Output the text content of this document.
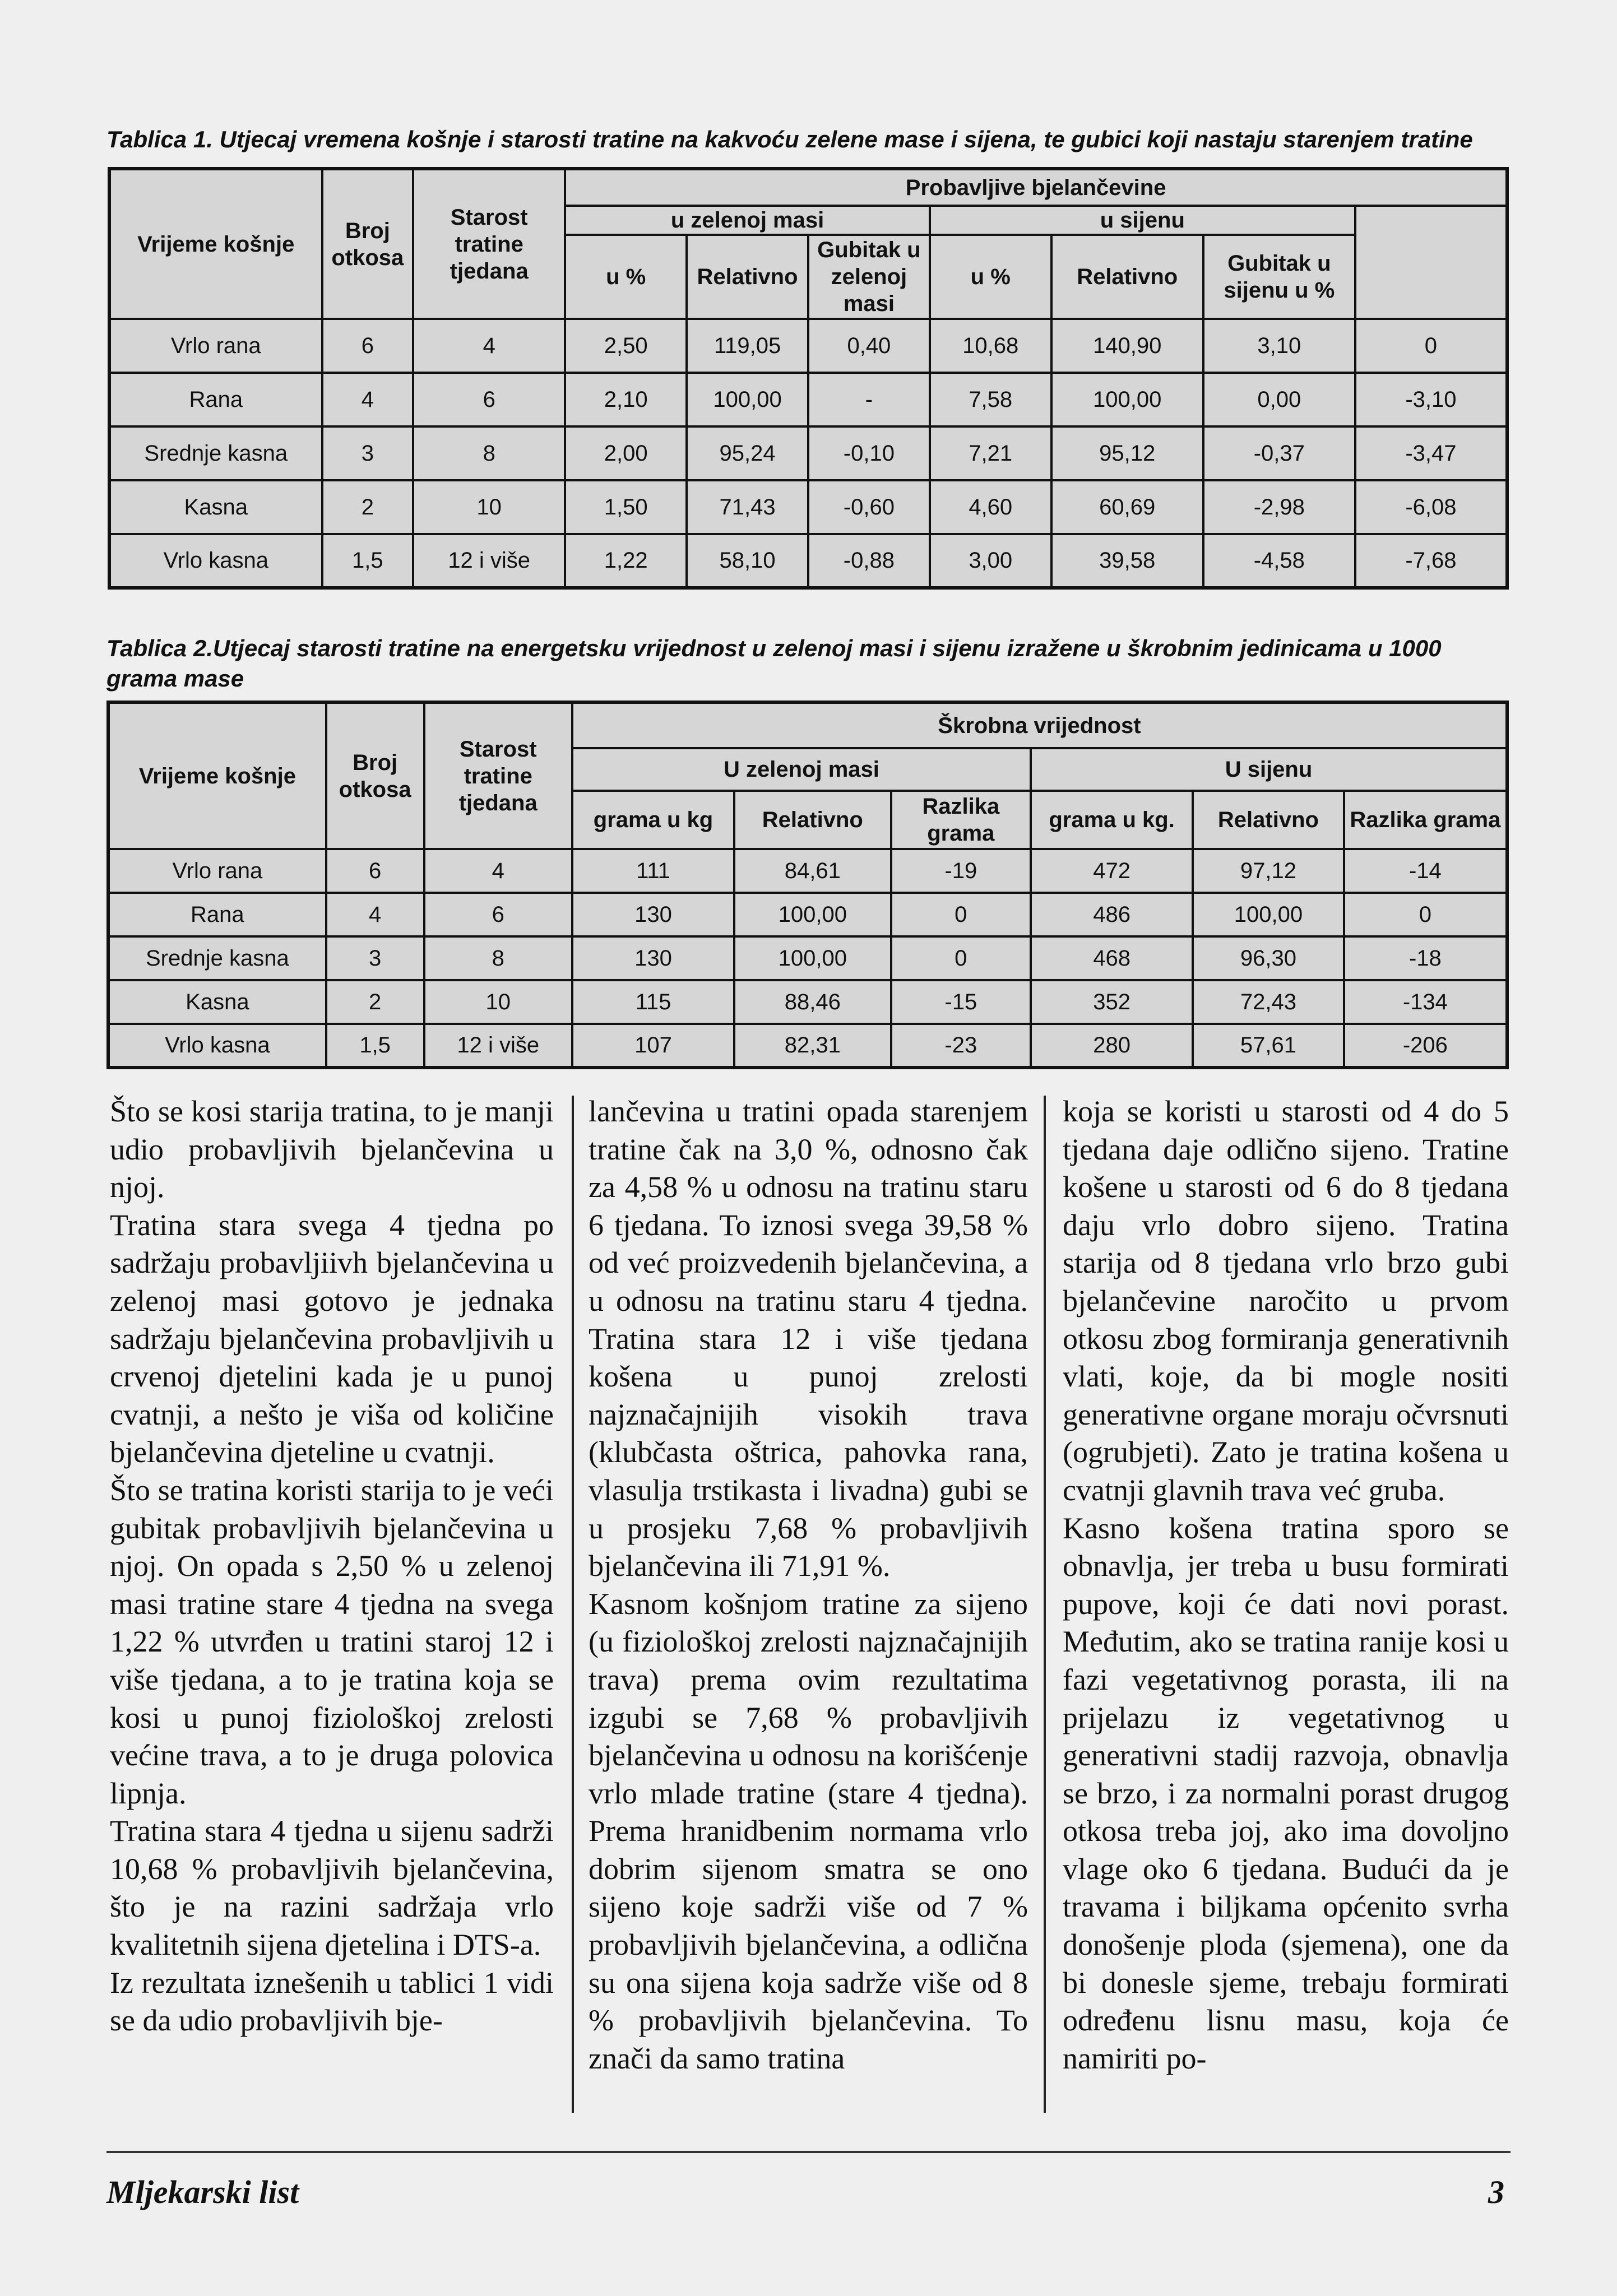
Tablica 1. Utjecaj vremena košnje i starosti tratine na kakvoću zelene mase i sijena, te gubici koji nastaju starenjem tratine
Vrijeme košnje	Broj otkosa	Starost tratine tjedana	Probavljive bjelančevine						
			u zelenoj masi			u sijenu			
			u %	Relativno	Gubitak u zelenoj masi	u %	Relativno	Gubitak u sijenu u %	
Vrlo rana	6	4	2,50	119,05	0,40	10,68	140,90	3,10	0
Rana	4	6	2,10	100,00	-	7,58	100,00	0,00	-3,10
Srednje kasna	3	8	2,00	95,24	-0,10	7,21	95,12	-0,37	-3,47
Kasna	2	10	1,50	71,43	-0,60	4,60	60,69	-2,98	-6,08
Vrlo kasna	1,5	12 i više	1,22	58,10	-0,88	3,00	39,58	-4,58	-7,68
Tablica 2.Utjecaj starosti tratine na energetsku vrijednost u zelenoj masi i sijenu izražene u škrobnim jedinicama u 1000 grama mase
Vrijeme košnje	Broj otkosa	Starost tratine tjedana	Škrobna vrijednost					
			U zelenoj masi			U sijenu		
			grama u kg	Relativno	Razlika grama	grama u kg.	Relativno	Razlika grama
Vrlo rana	6	4	111	84,61	-19	472	97,12	-14
Rana	4	6	130	100,00	0	486	100,00	0
Srednje kasna	3	8	130	100,00	0	468	96,30	-18
Kasna	2	10	115	88,46	-15	352	72,43	-134
Vrlo kasna	1,5	12 i više	107	82,31	-23	280	57,61	-206

Što se kosi starija tratina, to je manji udio probavljivih bjelančevina u njoj.

Tratina stara svega 4 tjedna po sadržaju probavljiivh bjelančevina u zelenoj masi gotovo je jednaka sadržaju bjelančevina probavljivih u crvenoj djetelini kada je u punoj cvatnji, a nešto je viša od količine bjelančevina djeteline u cvatnji.

Što se tratina koristi starija to je veći gubitak probavljivih bjelančevina u njoj. On opada s 2,50 % u zelenoj masi tratine stare 4 tjedna na svega 1,22 % utvrđen u tratini staroj 12 i više tjedana, a to je tratina koja se kosi u punoj fiziološkoj zrelosti većine trava, a to je druga polovica lipnja.

Tratina stara 4 tjedna u sijenu sadrži 10,68 % probavljivih bjelančevina, što je na razini sadržaja vrlo kvalitetnih sijena djetelina i DTS-a.

Iz rezultata iznešenih u tablici 1 vidi se da udio probavljivih bje-

lančevina u tratini opada starenjem tratine čak na 3,0 %, odnosno čak za 4,58 % u odnosu na tratinu staru 6 tjedana. To iznosi svega 39,58 % od već proizvedenih bjelančevina, a u odnosu na tratinu staru 4 tjedna. Tratina stara 12 i više tjedana košena u punoj zrelosti najznačajnijih visokih trava (klubčasta oštrica, pahovka rana, vlasulja trstikasta i livadna) gubi se u prosjeku 7,68 % probavljivih bjelančevina ili 71,91 %.

Kasnom košnjom tratine za sijeno (u fiziološkoj zrelosti najznačajnijih trava) prema ovim rezultatima izgubi se 7,68 % probavljivih bjelančevina u odnosu na korišćenje vrlo mlade tratine (stare 4 tjedna). Prema hranidbenim normama vrlo dobrim sijenom smatra se ono sijeno koje sadrži više od 7 % probavljivih bjelančevina, a odlična su ona sijena koja sadrže više od 8 % probavljivih bjelančevina. To znači da samo tratina

koja se koristi u starosti od 4 do 5 tjedana daje odlično sijeno. Tratine košene u starosti od 6 do 8 tjedana daju vrlo dobro sijeno. Tratina starija od 8 tjedana vrlo brzo gubi bjelančevine naročito u prvom otkosu zbog formiranja generativnih vlati, koje, da bi mogle nositi generativne organe moraju očvrsnuti (ogrubjeti). Zato je tratina košena u cvatnji glavnih trava već gruba.

Kasno košena tratina sporo se obnavlja, jer treba u busu formirati pupove, koji će dati novi porast. Međutim, ako se tratina ranije kosi u fazi vegetativnog porasta, ili na prijelazu iz vegetativnog u generativni stadij razvoja, obnavlja se brzo, i za normalni porast drugog otkosa treba joj, ako ima dovoljno vlage oko 6 tjedana. Budući da je travama i biljkama općenito svrha donošenje ploda (sjemena), one da bi donesle sjeme, trebaju formirati određenu lisnu masu, koja će namiriti po-

Mljekarski list	3
